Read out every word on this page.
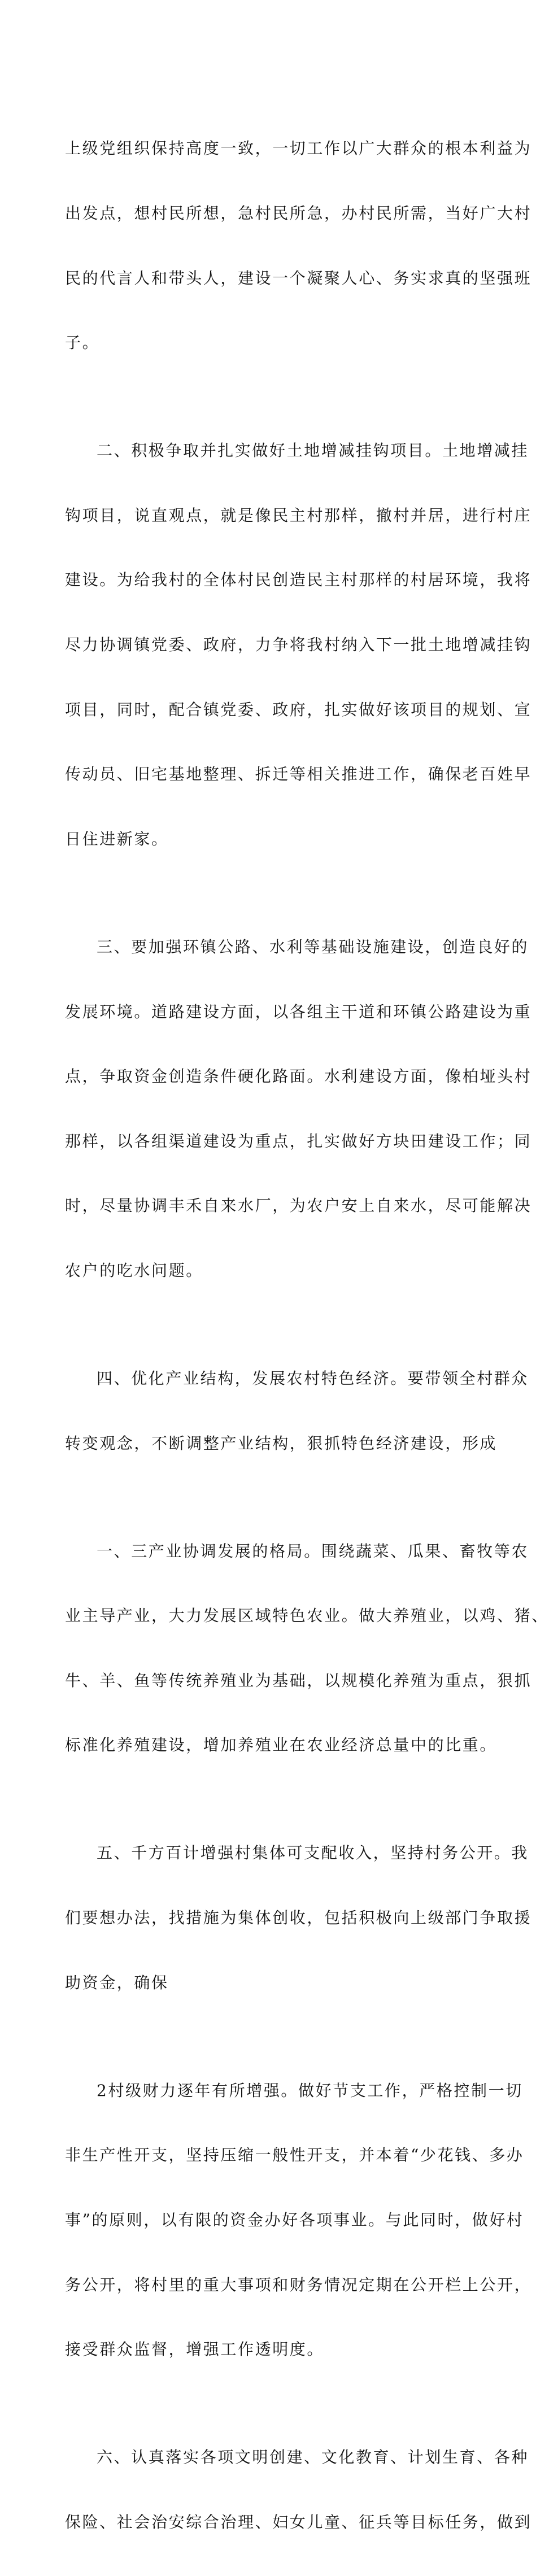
上级党组织保持高度一致，一切工作以广大群众的根本利益为

出发点，想村民所想，急村民所急，办村民所需，当好广大村

民的代言人和带头人，建设一个凝聚人心、务实求真的坚强班

子。

二、积极争取并扎实做好土地增减挂钩项目。土地增减挂

钩项目，说直观点，就是像民主村那样，撤村并居，进行村庄

建设。为给我村的全体村民创造民主村那样的村居环境，我将

尽力协调镇党委、政府，力争将我村纳入下一批土地增减挂钩

项目，同时，配合镇党委、政府，扎实做好该项目的规划、宣

传动员、旧宅基地整理、拆迁等相关推进工作，确保老百姓早

日住进新家。

三、要加强环镇公路、水利等基础设施建设，创造良好的

发展环境。道路建设方面，以各组主干道和环镇公路建设为重

点，争取资金创造条件硬化路面。水利建设方面，像柏垭头村

那样，以各组渠道建设为重点，扎实做好方块田建设工作；同

时，尽量协调丰禾自来水厂，为农户安上自来水，尽可能解决

农户的吃水问题。

四、优化产业结构，发展农村特色经济。要带领全村群众

转变观念，不断调整产业结构，狠抓特色经济建设，形成

一、三产业协调发展的格局。围绕蔬菜、瓜果、畜牧等农

业主导产业，大力发展区域特色农业。做大养殖业，以鸡、猪、

牛、羊、鱼等传统养殖业为基础，以规模化养殖为重点，狠抓

标准化养殖建设，增加养殖业在农业经济总量中的比重。

五、千方百计增强村集体可支配收入，坚持村务公开。我

们要想办法，找措施为集体创收，包括积极向上级部门争取援

助资金，确保

2村级财力逐年有所增强。做好节支工作，严格控制一切

非生产性开支，坚持压缩一般性开支，并本着“少花钱、多办

事”的原则，以有限的资金办好各项事业。与此同时，做好村

务公开，将村里的重大事项和财务情况定期在公开栏上公开，

接受群众监督，增强工作透明度。

六、认真落实各项文明创建、文化教育、计划生育、各种

保险、社会治安综合治理、妇女儿童、征兵等目标任务，做到
